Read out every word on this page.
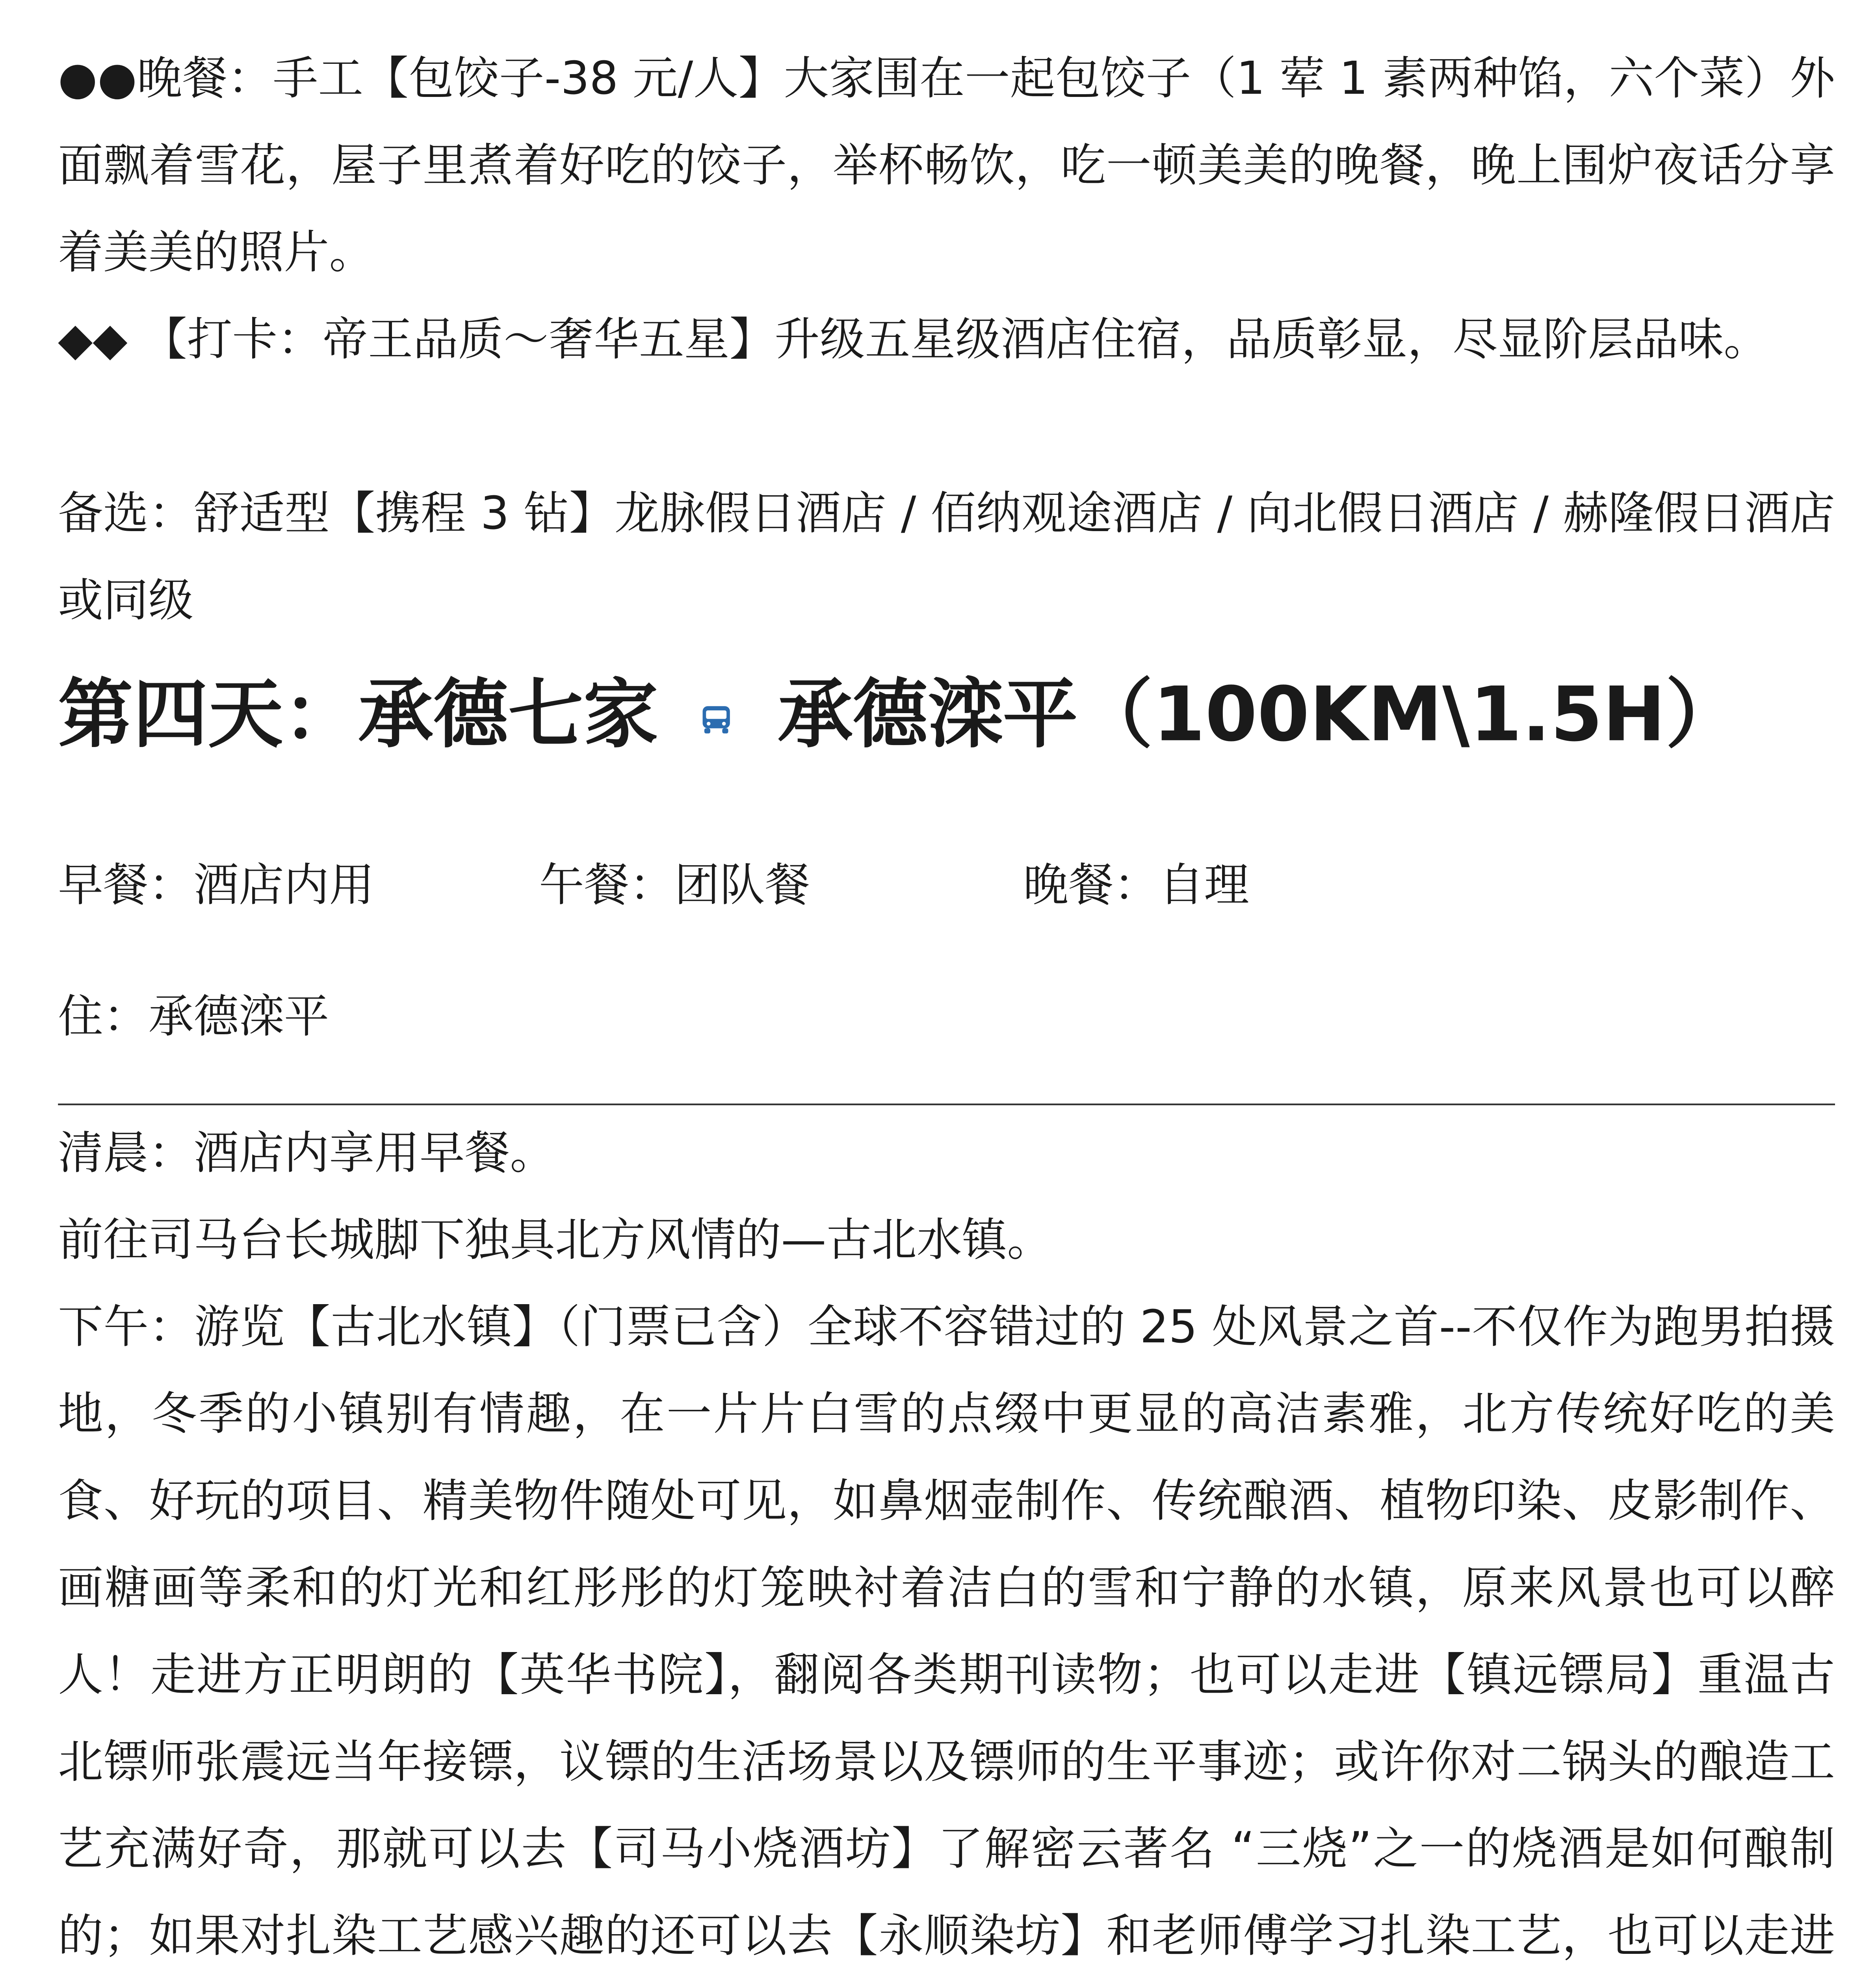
●●晚餐：手工【包饺子-38 元/人】大家围在一起包饺子（1 荤 1 素两种馅，六个菜）外面飘着雪花，屋子里煮着好吃的饺子，举杯畅饮，吃一顿美美的晚餐，晚上围炉夜话分享着美美的照片。

◆◆ 【打卡：帝王品质～奢华五星】升级五星级酒店住宿，品质彰显，尽显阶层品味。

备选：舒适型【携程 3 钻】龙脉假日酒店 / 佰纳观途酒店 / 向北假日酒店 / 赫隆假日酒店 或同级

第四天：承德七家	承德滦平（100KM\1.5H）
早餐：酒店内用	午餐：团队餐	晚餐：自理
住：承德滦平

清晨：酒店内享用早餐。

前往司马台长城脚下独具北方风情的—古北水镇。

下午：游览【古北水镇】（门票已含）全球不容错过的 25 处风景之首--不仅作为跑男拍摄地，冬季的小镇别有情趣，在一片片白雪的点缀中更显的高洁素雅，北方传统好吃的美食、好玩的项目、精美物件随处可见，如鼻烟壶制作、传统酿酒、植物印染、皮影制作、画糖画等柔和的灯光和红彤彤的灯笼映衬着洁白的雪和宁静的水镇，原来风景也可以醉人！走进方正明朗的【英华书院】，翻阅各类期刊读物；也可以走进【镇远镖局】重温古北镖师张震远当年接镖，议镖的生活场景以及镖师的生平事迹；或许你对二锅头的酿造工艺充满好奇，那就可以去【司马小烧酒坊】了解密云著名 “三烧”之一的烧酒是如何酿制的；如果对扎染工艺感兴趣的还可以去【永顺染坊】和老师傅学习扎染工艺，也可以走进
